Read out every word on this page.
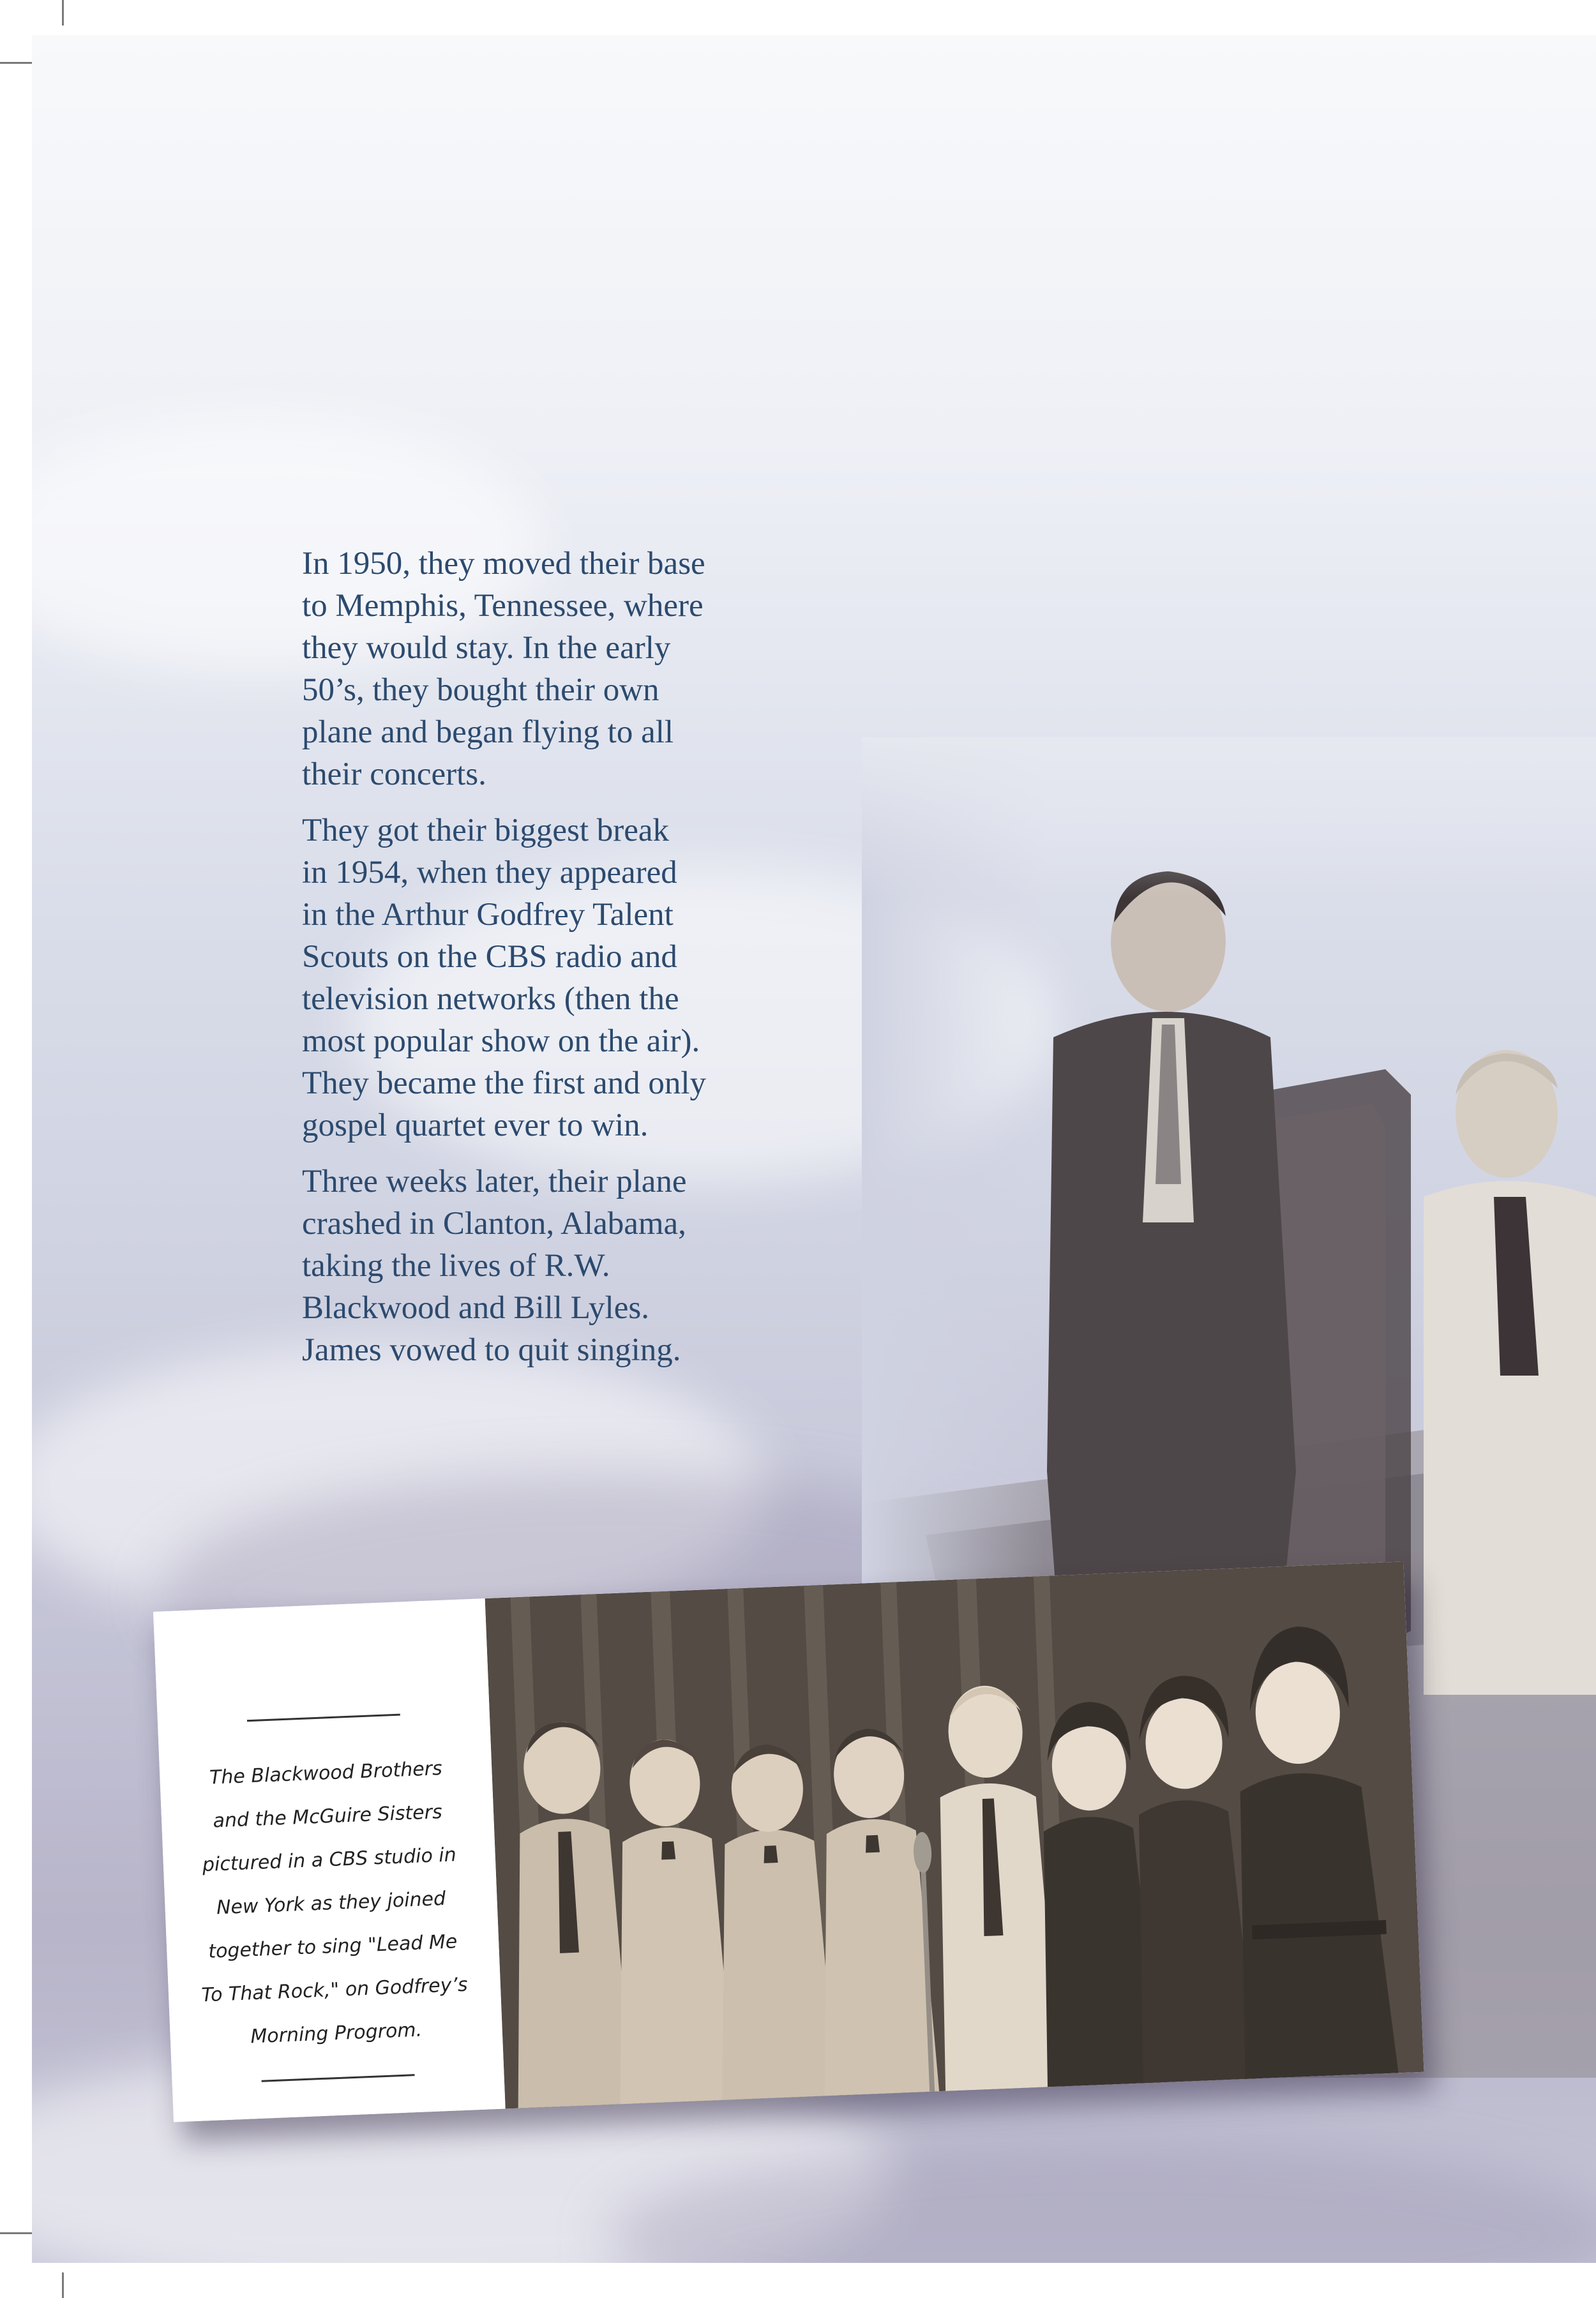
In 1950, they moved their base
to Memphis, Tennessee, where
they would stay. In the early
50’s, they bought their own
plane and began flying to all
their concerts.

They got their biggest break
in 1954, when they appeared
in the Arthur Godfrey Talent
Scouts on the CBS radio and
television networks (then the
most popular show on the air).
They became the first and only
gospel quartet ever to win.

Three weeks later, their plane
crashed in Clanton, Alabama,
taking the lives of R.W.
Blackwood and Bill Lyles.
James vowed to quit singing.

The Blackwood Brothers
and the McGuire Sisters
pictured in a CBS studio in
New York as they joined
together to sing "Lead Me
To That Rock," on Godfrey’s
Morning Progrom.
